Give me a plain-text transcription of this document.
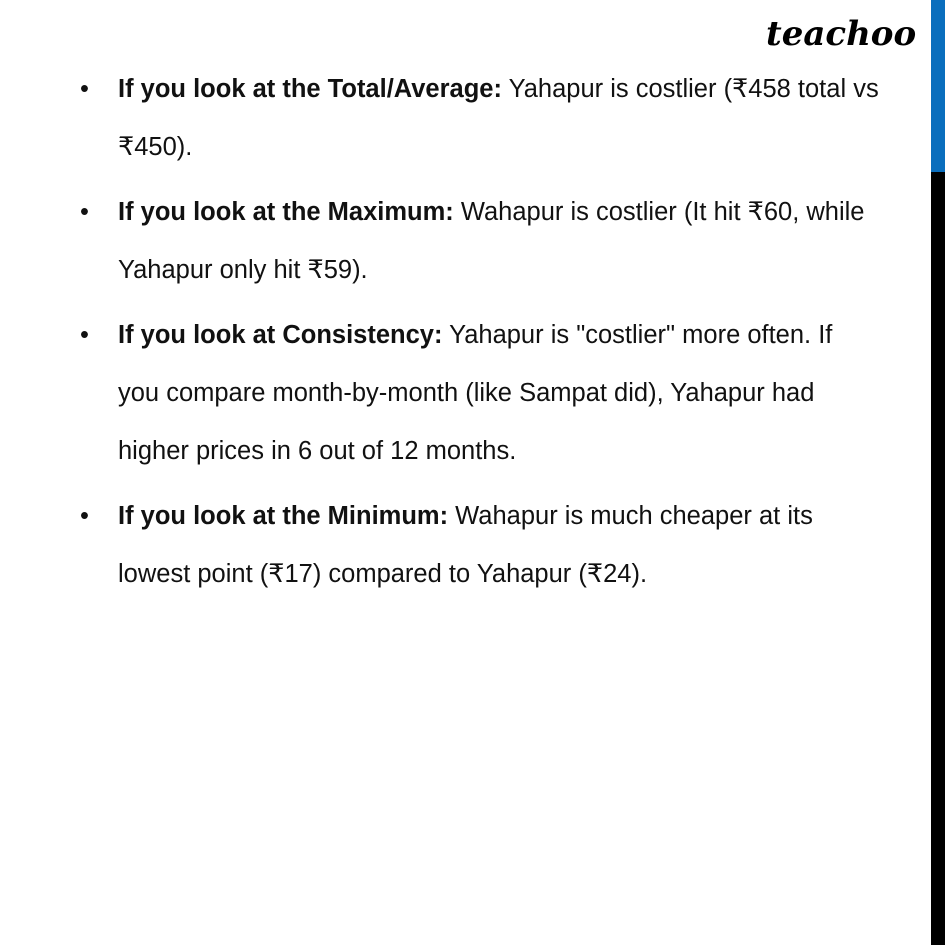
teachoo
• If you look at the Total/Average: Yahapur is costlier (₹458 total vs ₹450).
• If you look at the Maximum: Wahapur is costlier (It hit ₹60, while Yahapur only hit ₹59).
• If you look at Consistency: Yahapur is "costlier" more often. If you compare month-by-month (like Sampat did), Yahapur had higher prices in 6 out of 12 months.
• If you look at the Minimum: Wahapur is much cheaper at its lowest point (₹17) compared to Yahapur (₹24).
